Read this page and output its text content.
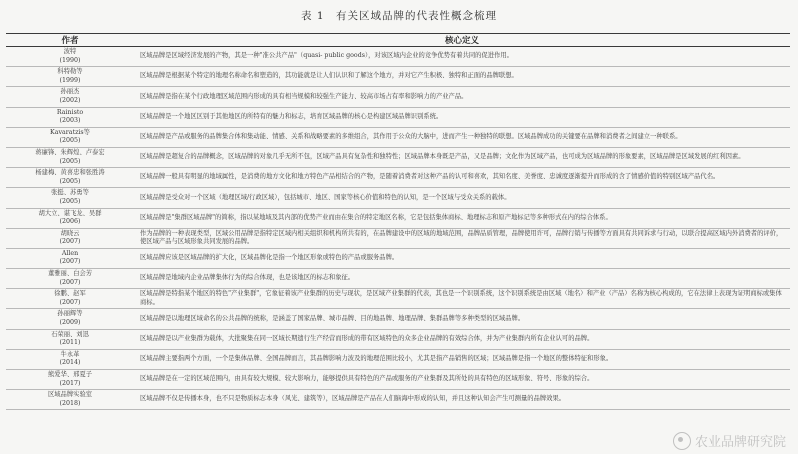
表 1　有关区域品牌的代表性概念梳理
作者	核心定义

波特
(1990)	区域品牌是区域经济发展的产物，其是一种"准公共产品"（quasi- public goods），对该区域内企业的竞争优势有着共同的促进作用。

科特勒等
(1999)	区域品牌是根据某个特定的地理名称命名和塑造的，其功能就是让人们认识和了解这个地方，并对它产生积极、独特和正面的品牌联想。

孙丽杰
(2002)	区域品牌是指在某个行政地理区域范围内形成的具有相当规模和较强生产能力、较高市场占有率和影响力的产业产品。

Rainisto
(2003)	区域品牌是一个地区区别于其他地区的所特有的魅力和标志，培育区域品牌的核心是构建区域品牌识别系统。

Kavaratzis等
(2005)	区域品牌是产品或服务的品牌集合体和集动能、情感、关系和战略要素的多维组合，其作用于公众的大脑中，进而产生一种独特的联想。区域品牌成功的关键要在品牌和消费者之间建立一种联系。

蒋廉锋、朱辉煌、卢泰宏
(2005)	区域品牌是超复合的品牌概念，区域品牌的对象几乎无所不包，区域产品具有复杂性和独特性；区域品牌本身既是产品，又是品牌；文化作为区域产品，也可成为区域品牌的形象要素，区域品牌是区域发展的红利因素。

杨建梅、黄喜忠和张胜涛
(2005)	区域品牌一般具有明显的地域属性，是消费的地方文化和地方特色产品相结合的产物，是随着消费者对这种产品的认可和喜欢，其知名度、美誉度、忠诚度逐渐提升而形成的含了情感价值的特别区域产品代名。

张挺、苏勇等
(2005)	区域品牌是受众对一个区域（地理区域/行政区域），包括城市、地区、国家等核心价值和特色的认知，是一个区域与受众关系的载体。

胡大立、谌飞龙、吴群
(2006)	区域品牌是"集群区域品牌"的简称，指以某地域及其内部的优势产业而由在集合的特定地区名称，它是包括集体商标、地理标志和原产地标记等多种形式在内的综合体系。

胡晓云
(2007)	作为品牌的一种表现类型，区域公用品牌是指特定区域内相关组织和机构所共有的，在品牌建设中的区域的地域范围，品牌品质管理，品牌使用许可，品牌行销与传播等方面具有共同诉求与行动，以联合提高区域内外消费者的评价，使区域产品与区域形象共同发展的品牌。

Allen
(2007)	区域品牌应该是区域品牌的扩大化，区域品牌化是指一个地区形象或特色的产品或服务品牌。

董雅丽、白会芳
(2007)	区域品牌是地域内企业品牌集体行为的综合体现，也是该地区的标志和象征。

徐鹏、赵军
(2007)	区域品牌是特指某个地区的特色"产业集群"，它象征着该产业集群的历史与现状，是区域产业集群的代表，其也是一个识别系统，这个识别系统是由区域（地名）和产业（产品）名称为核心构成的，它在法律上表现为证明商标或集体商标。

孙丽辉等
(2009)	区域品牌是以地理区域命名的公共品牌的统称，是涵盖了国家品牌、城市品牌、目的地品牌、地理品牌、集群品牌等多种类型的区域品牌。

石荣丽、刘迅
(2011)	区域品牌是以产业集群为载体，大批聚集在同一区域长期遗行生产经营而形成的带有区域特色的众多企业品牌的有效综合体，并为产业集群内所有企业认可的品牌。

牛永革
(2014)	区域品牌主要指两个方面，一个是集体品牌、全国品牌而言，其品牌影响力波及的地理范围比较小，尤其是指产品销售的区域；区域品牌是指一个地区的整体特征和形象。

熊爱华、邢夏子
(2017)	区域品牌是在一定的区域范围内，由具有较大规模、较大影响力，能够提供具有特色的产品或服务的产业集群及其所处的具有特色的区域形象、符号、形象的综合。

区域品牌实验室
(2018)	区域品牌不仅是传播本身，也不只是物质标志本身（风光、建筑等），区域品牌是产品在人们脑海中形成的认知，并且这种认知会产生可测量的品牌效果。
农业品牌研究院
